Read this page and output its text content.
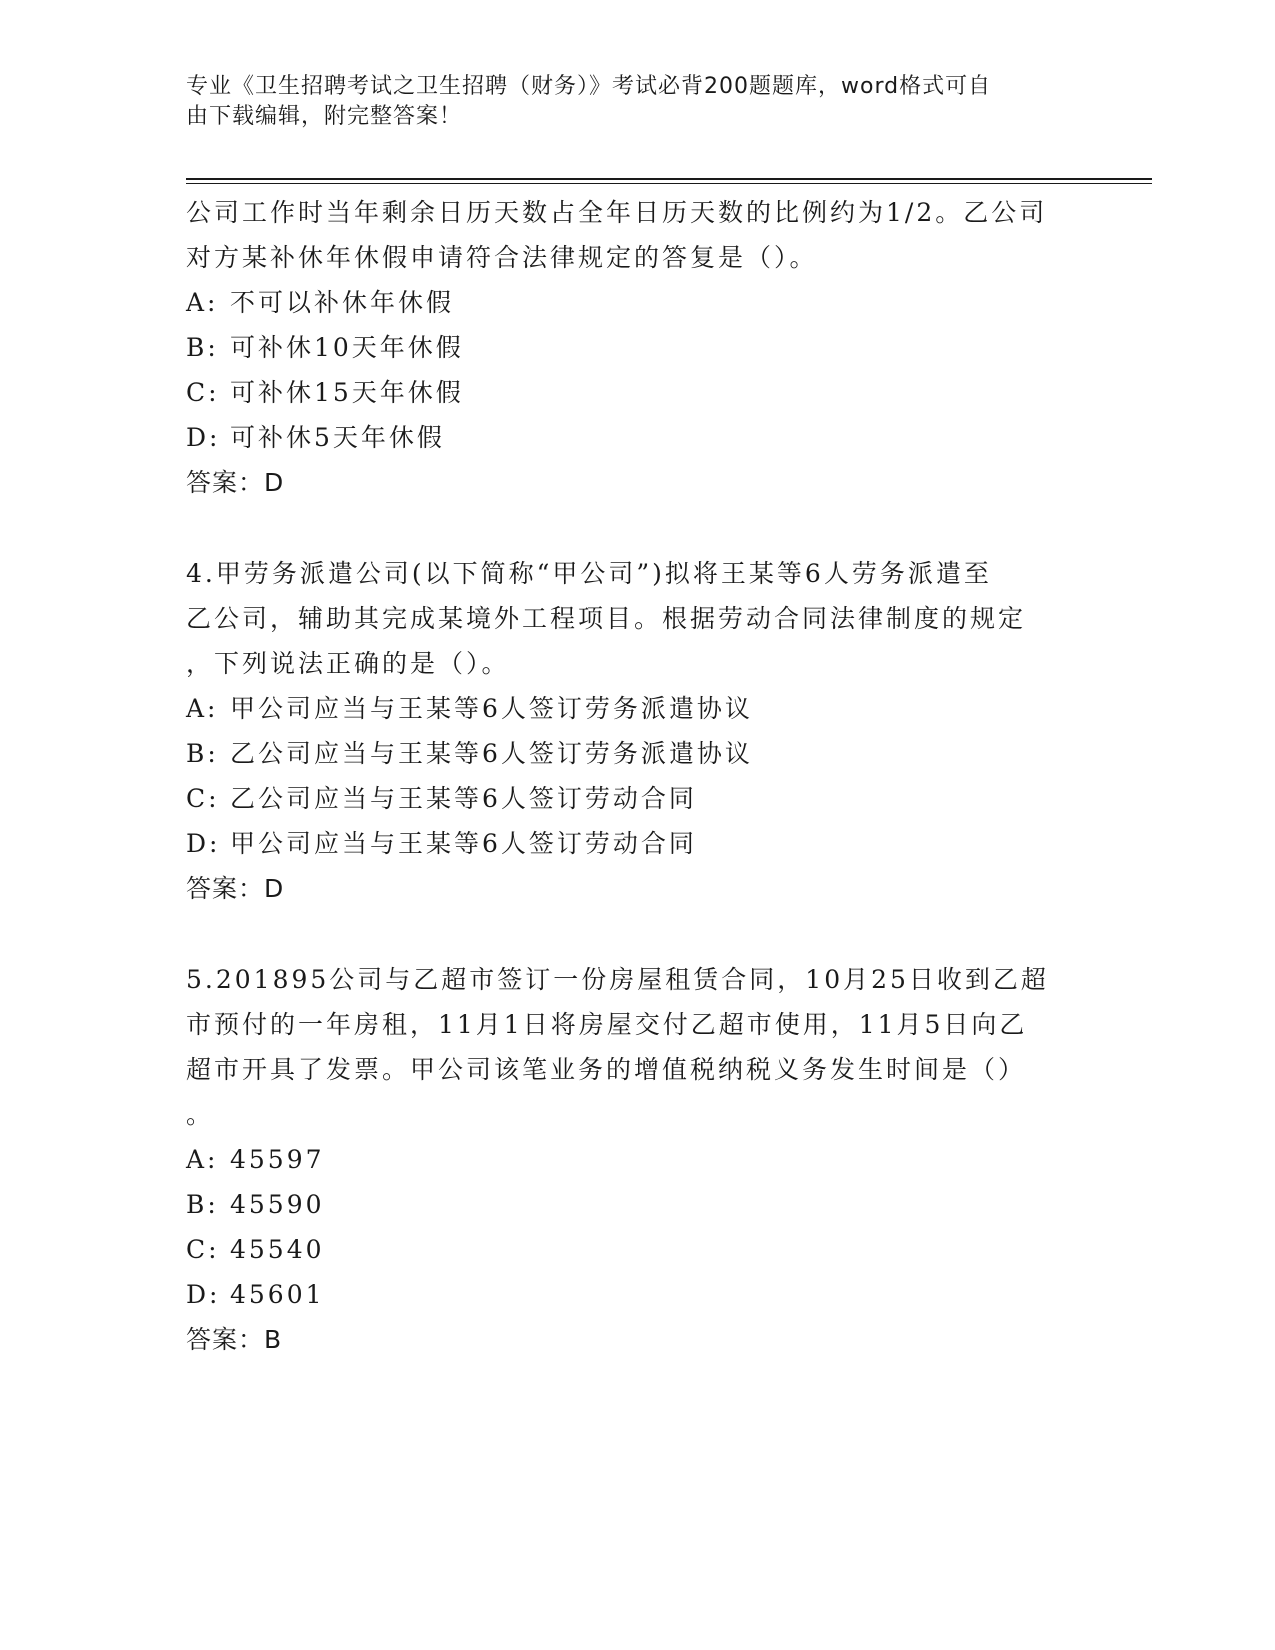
专业《卫生招聘考试之卫生招聘（财务）》考试必背200题题库，word格式可自
由下载编辑，附完整答案！
公司工作时当年剩余日历天数占全年日历天数的比例约为1/2。乙公司
对方某补休年休假申请符合法律规定的答复是（）。
A: 不可以补休年休假
B: 可补休10天年休假
C: 可补休15天年休假
D: 可补休5天年休假
答案：D
4.甲劳务派遣公司(以下简称“甲公司”)拟将王某等6人劳务派遣至
乙公司，辅助其完成某境外工程项目。根据劳动合同法律制度的规定
，下列说法正确的是（）。
A: 甲公司应当与王某等6人签订劳务派遣协议
B: 乙公司应当与王某等6人签订劳务派遣协议
C: 乙公司应当与王某等6人签订劳动合同
D: 甲公司应当与王某等6人签订劳动合同
答案：D
5.201895公司与乙超市签订一份房屋租赁合同，10月25日收到乙超
市预付的一年房租，11月1日将房屋交付乙超市使用，11月5日向乙
超市开具了发票。甲公司该笔业务的增值税纳税义务发生时间是（）
。
A: 45597
B: 45590
C: 45540
D: 45601
答案：B
